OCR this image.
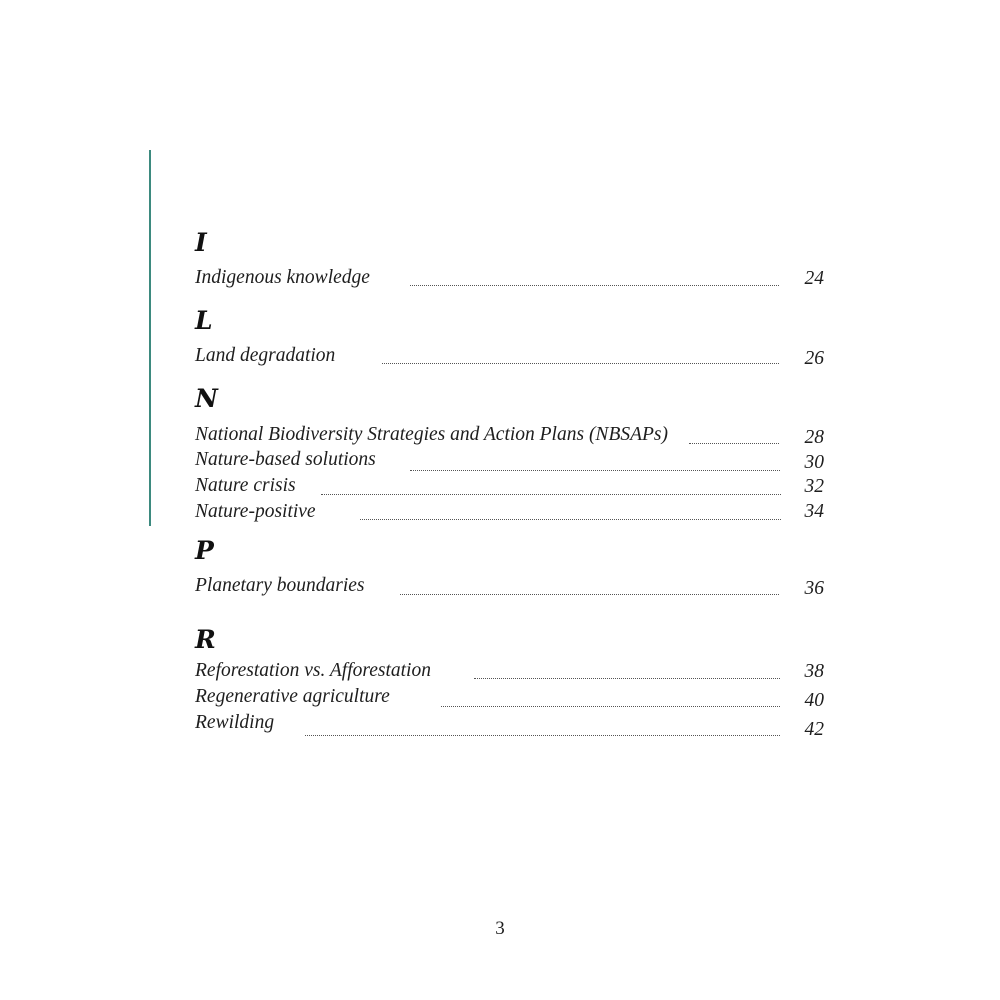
I
Indigenous knowledge	24
L
Land degradation	26
N
National Biodiversity Strategies and Action Plans (NBSAPs)	28
Nature-based solutions	30
Nature crisis	32
Nature-positive	34
P
Planetary boundaries	36
R
Reforestation vs. Afforestation	38
Regenerative agriculture	40
Rewilding	42
3
